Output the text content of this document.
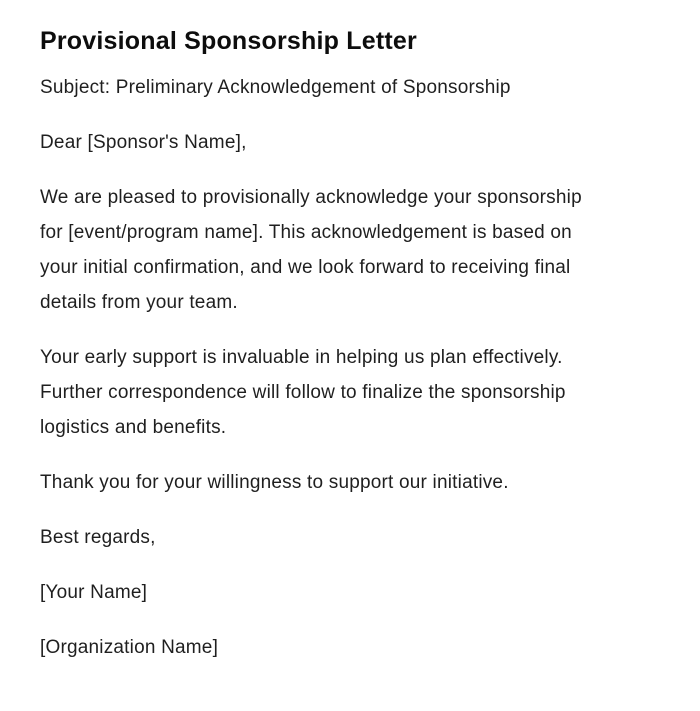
Provisional Sponsorship Letter

Subject: Preliminary Acknowledgement of Sponsorship

Dear [Sponsor's Name],

We are pleased to provisionally acknowledge your sponsorship for [event/program name]. This acknowledgement is based on your initial confirmation, and we look forward to receiving final details from your team.

Your early support is invaluable in helping us plan effectively. Further correspondence will follow to finalize the sponsorship logistics and benefits.

Thank you for your willingness to support our initiative.

Best regards,

[Your Name]

[Organization Name]
